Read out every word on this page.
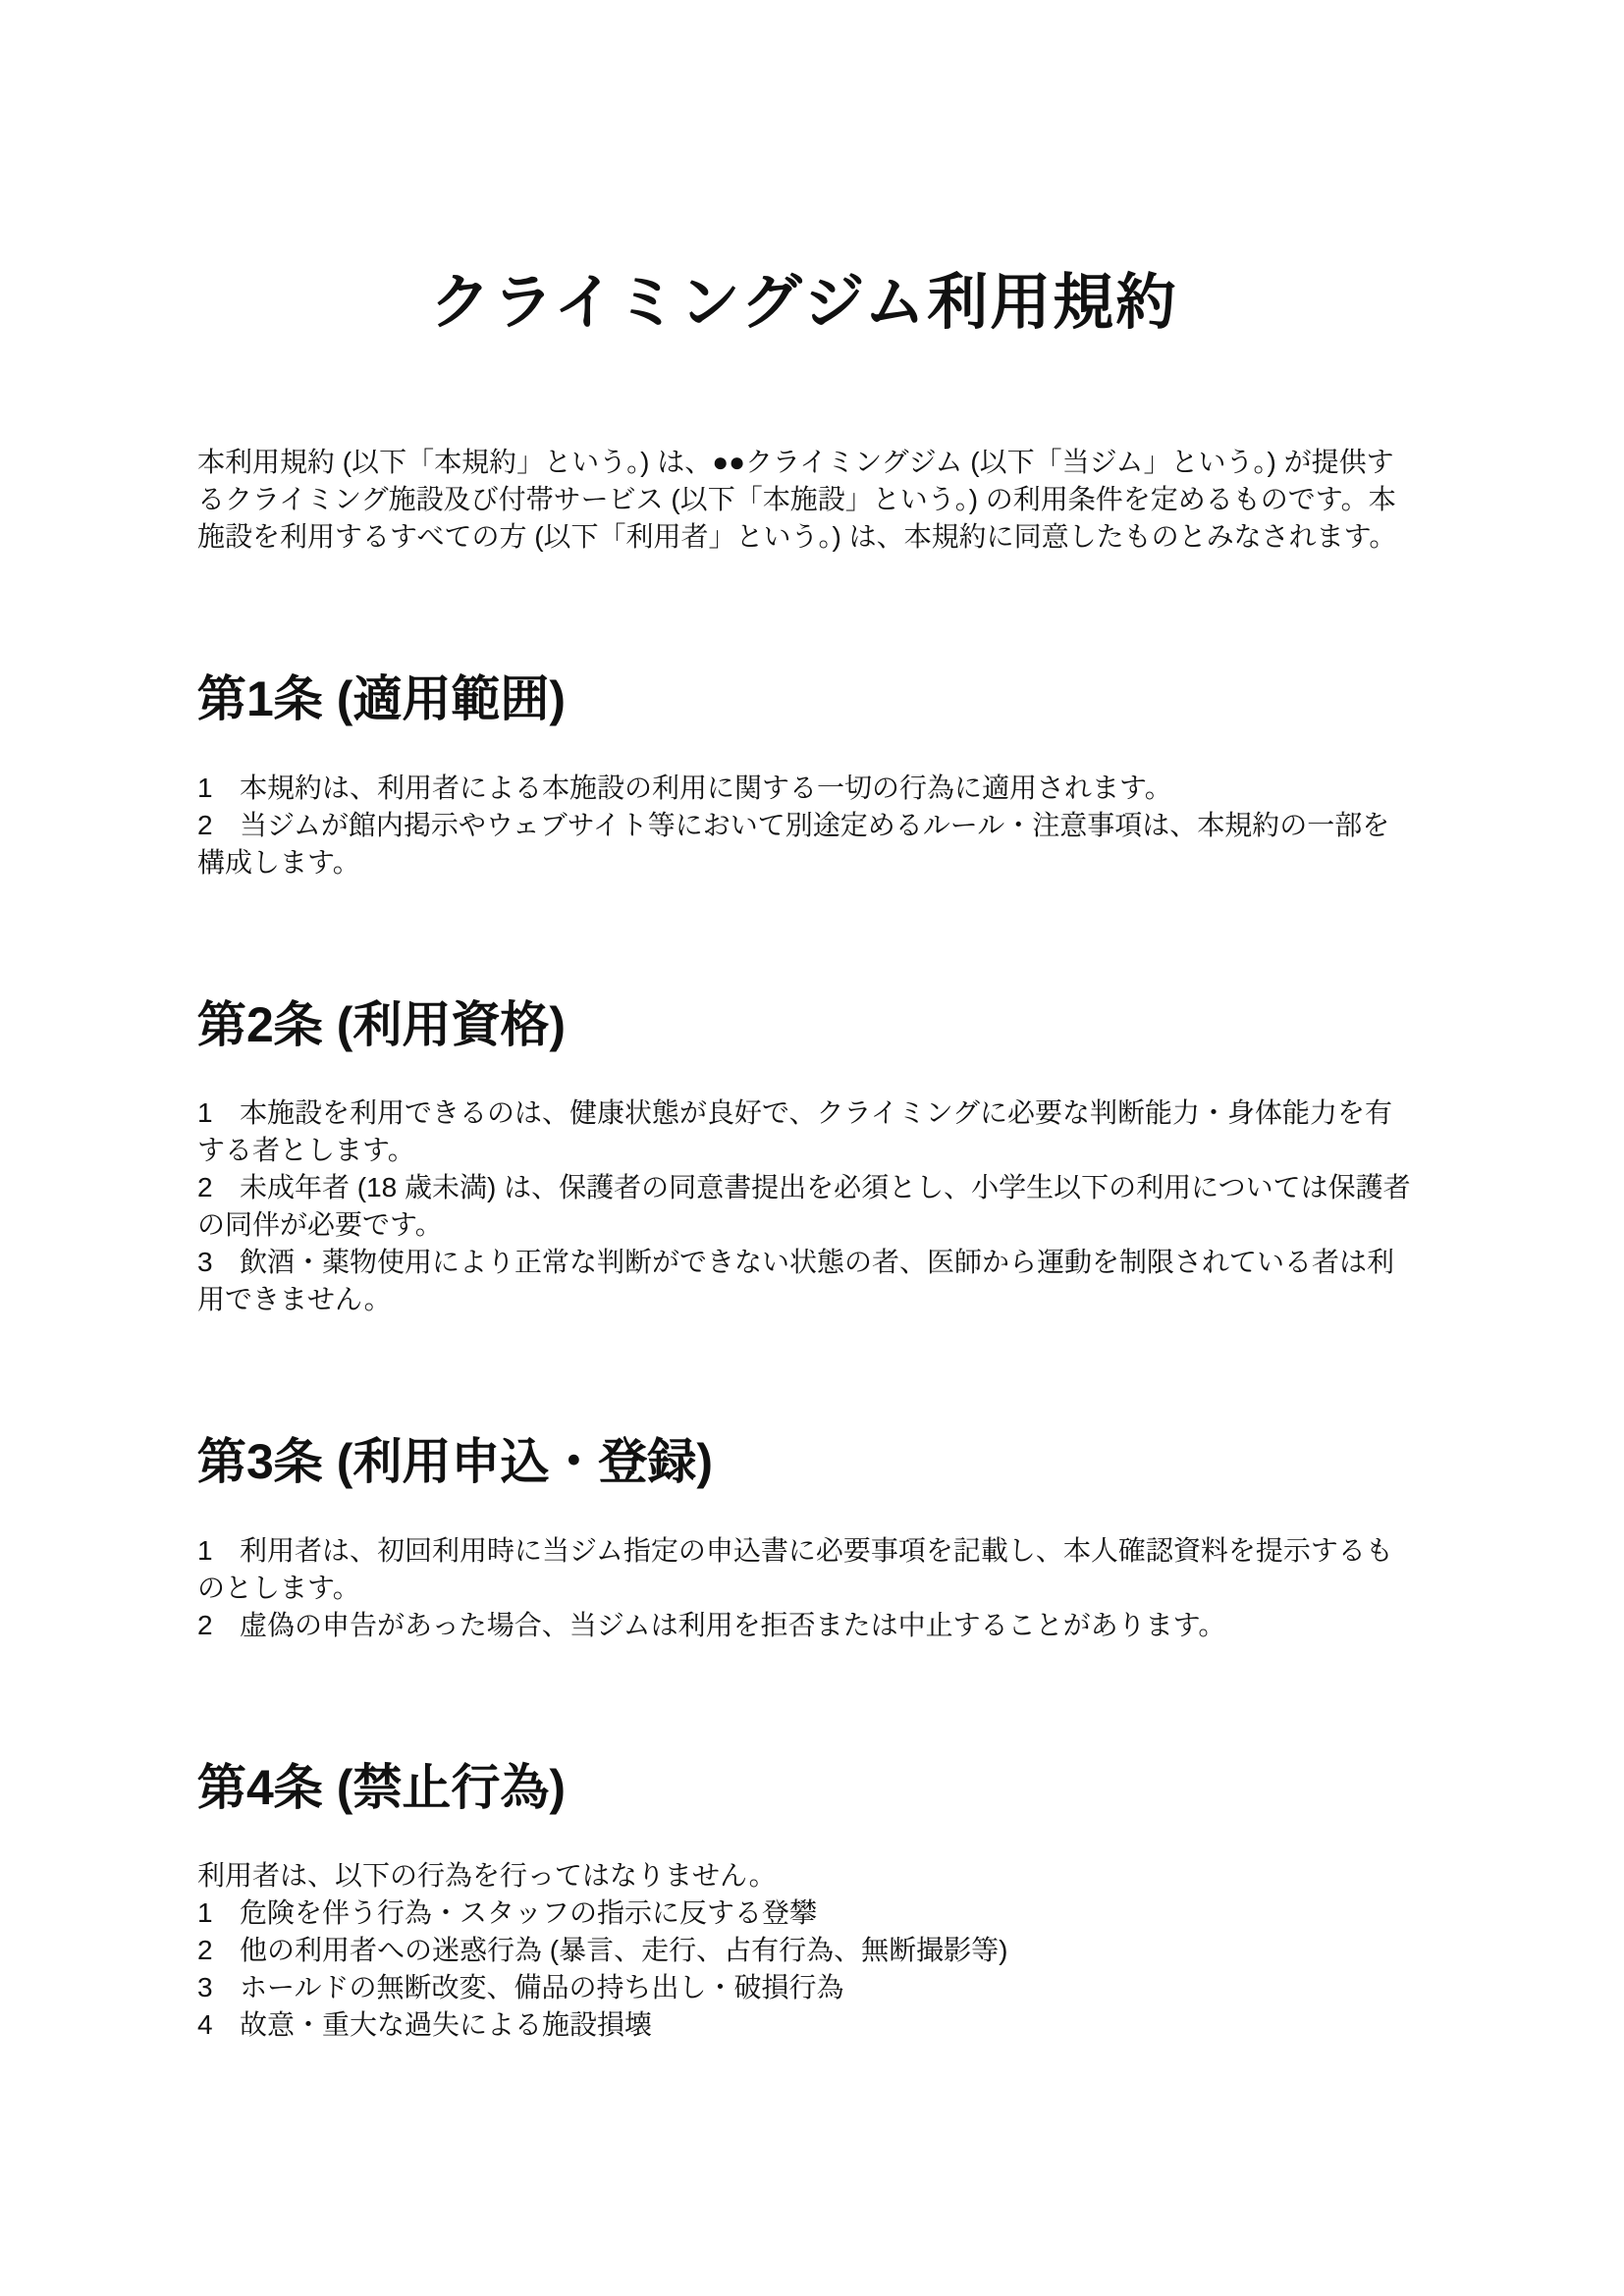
クライミングジム利用規約

本利用規約 (以下「本規約」という。) は、●●クライミングジム (以下「当ジム」という。) が提供するクライミング施設及び付帯サービス (以下「本施設」という。) の利用条件を定めるものです。本施設を利用するすべての方 (以下「利用者」という。) は、本規約に同意したものとみなされます。

第1条 (適用範囲)

1 本規約は、利用者による本施設の利用に関する一切の行為に適用されます。

2 当ジムが館内掲示やウェブサイト等において別途定めるルール・注意事項は、本規約の一部を構成します。

第2条 (利用資格)

1 本施設を利用できるのは、健康状態が良好で、クライミングに必要な判断能力・身体能力を有する者とします。

2 未成年者 (18 歳未満) は、保護者の同意書提出を必須とし、小学生以下の利用については保護者の同伴が必要です。

3 飲酒・薬物使用により正常な判断ができない状態の者、医師から運動を制限されている者は利用できません。

第3条 (利用申込・登録)

1 利用者は、初回利用時に当ジム指定の申込書に必要事項を記載し、本人確認資料を提示するものとします。

2 虚偽の申告があった場合、当ジムは利用を拒否または中止することがあります。

第4条 (禁止行為)

利用者は、以下の行為を行ってはなりません。

1 危険を伴う行為・スタッフの指示に反する登攀

2 他の利用者への迷惑行為 (暴言、走行、占有行為、無断撮影等)

3 ホールドの無断改変、備品の持ち出し・破損行為

4 故意・重大な過失による施設損壊
